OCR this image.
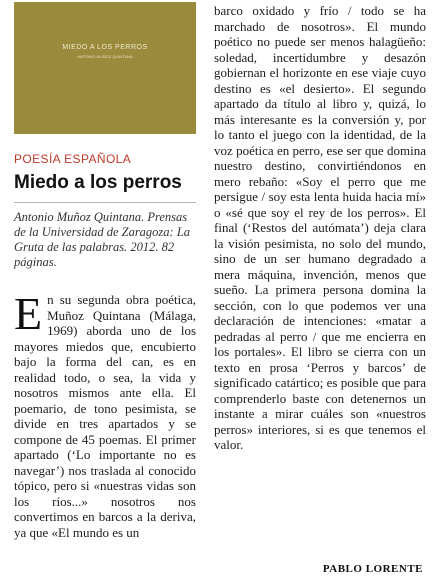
MIEDO A LOS PERROS
ANTONIO MUÑOZ QUINTANA
POESÍA ESPAÑOLA
Miedo a los perros
Antonio Muñoz Quintana. Prensas de la Universidad de Zaragoza: La Gruta de las palabras. 2012. 82 páginas.

En su segunda obra poética, Muñoz Quintana (Málaga, 1969) aborda uno de los mayores miedos que, encubierto bajo la forma del can, es en realidad todo, o sea, la vida y nosotros mismos ante ella. El poemario, de tono pesimista, se divide en tres apartados y se compone de 45 poemas. El primer apartado (‘Lo importante no es navegar’) nos traslada al conocido tópico, pero si «nuestras vidas son los ríos...» nosotros nos convertimos en barcos a la deriva, ya que «El mundo es un

barco oxidado y frío / todo se ha marchado de nosotros». El mundo poético no puede ser menos halagüeño: soledad, incertidumbre y desazón gobiernan el horizonte en ese viaje cuyo destino es «el desierto». El segundo apartado da título al libro y, quizá, lo más interesante es la conversión y, por lo tanto el juego con la identidad, de la voz poética en perro, ese ser que domina nuestro destino, convirtiéndonos en mero rebaño: «Soy el perro que me persigue / soy esta lenta huida hacia mí» o «sé que soy el rey de los perros». El final (‘Restos del autómata’) deja clara la visión pesimista, no solo del mundo, sino de un ser humano degradado a mera máquina, invención, menos que sueño. La primera persona domina la sección, con lo que podemos ver una declaración de intenciones: «matar a pedradas al perro / que me encierra en los portales». El libro se cierra con un texto en prosa ‘Perros y barcos’ de significado catártico; es posible que para comprenderlo baste con detenernos un instante a mirar cuáles son «nuestros perros» interiores, si es que tenemos el valor.

PABLO LORENTE
